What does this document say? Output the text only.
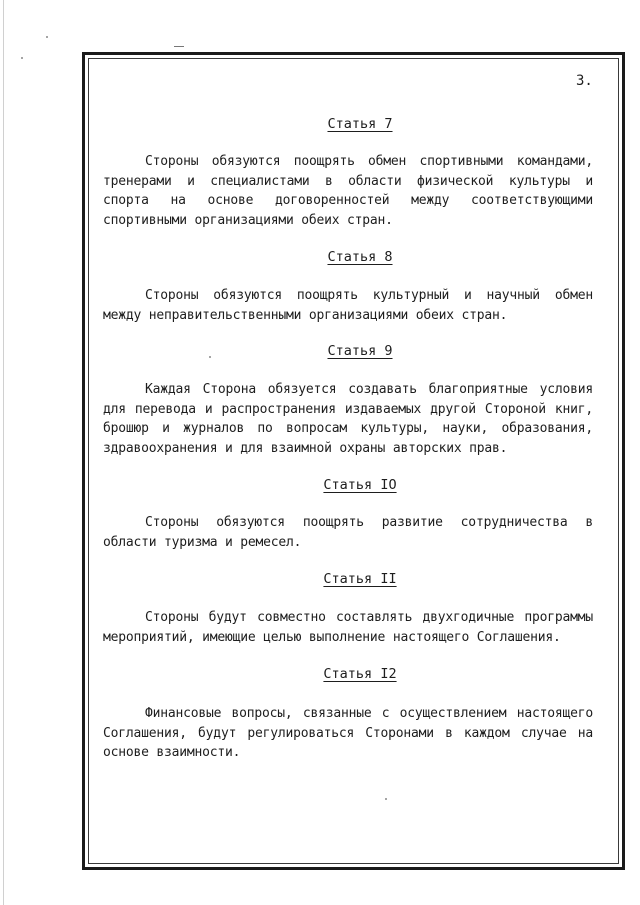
3.
Статья 7
Стороны обязуются поощрять обмен спортивными командами,
тренерами и специалистами в области физической культуры и
спорта на основе договоренностей между соответствующими
спортивными организациями обеих стран.
Статья 8
Стороны обязуются поощрять культурный и научный обмен
между неправительственными организациями обеих стран.
Статья 9
Каждая Сторона обязуется создавать благоприятные условия
для перевода и распространения издаваемых другой Стороной книг,
брошюр и журналов по вопросам культуры, науки, образования,
здравоохранения и для взаимной охраны авторских прав.
Статья IO
Стороны обязуются поощрять развитие сотрудничества в
области туризма и ремесел.
Статья II
Стороны будут совместно составлять двухгодичные программы
мероприятий, имеющие целью выполнение настоящего Соглашения.
Статья I2
Финансовые вопросы, связанные с осуществлением настоящего
Соглашения, будут регулироваться Сторонами в каждом случае на
основе взаимности.
